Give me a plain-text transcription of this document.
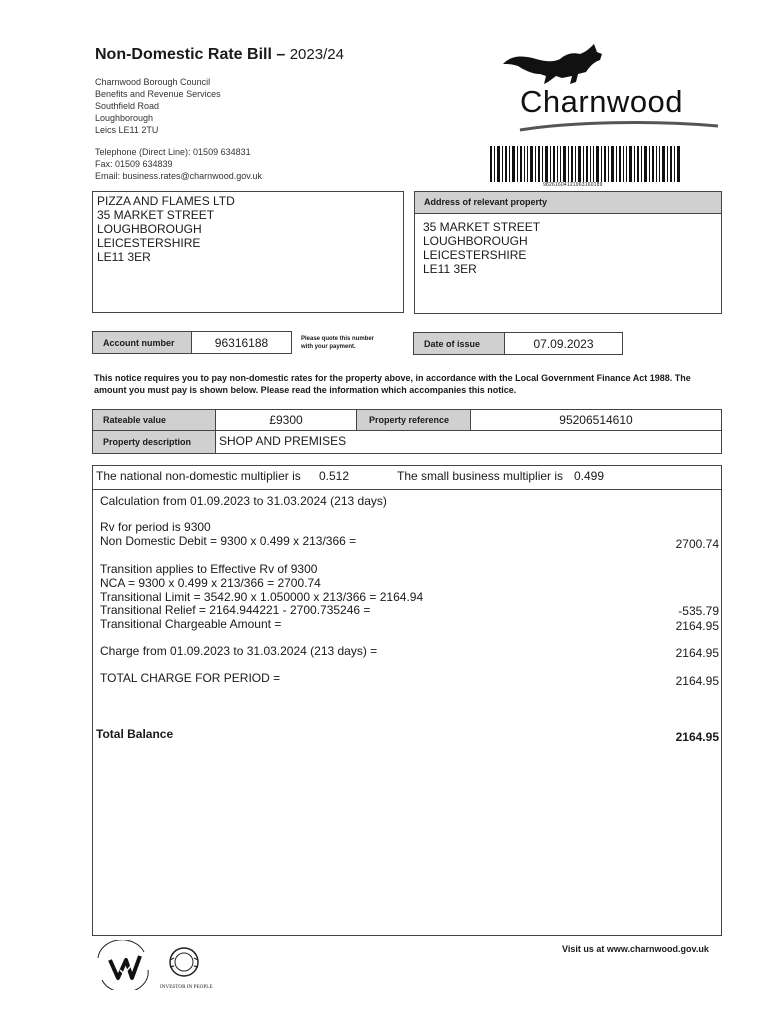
Non-Domestic Rate Bill – 2023/24
Charnwood Borough Council
Benefits and Revenue Services
Southfield Road
Loughborough
Leics LE11 2TU
Telephone (Direct Line): 01509 634831
Fax: 01509 634839
Email: business.rates@charnwood.gov.uk
Charnwood
98261604121963160189
PIZZA AND FLAMES LTD
35 MARKET STREET
LOUGHBOROUGH
LEICESTERSHIRE
LE11 3ER
Address of relevant property
35 MARKET STREET
LOUGHBOROUGH
LEICESTERSHIRE
LE11 3ER
Account number	96316188	Please quote this number
with your payment.	Date of issue	07.09.2023
This notice requires you to pay non-domestic rates for the property above, in accordance with the Local Government Finance Act 1988. The amount you must pay is shown below. Please read the information which accompanies this notice.
Rateable value	£9300	Property reference	95206514610
Property description	SHOP AND PREMISES
The national non-domestic multiplier is 0.512	The small business multiplier is 0.499
Calculation from 01.09.2023 to 31.03.2024 (213 days)
Rv for period is 9300
Non Domestic Debit = 9300 x 0.499 x 213/366 =	2700.74
Transition applies to Effective Rv of 9300
NCA = 9300 x 0.499 x 213/366 = 2700.74
Transitional Limit = 3542.90 x 1.050000 x 213/366 = 2164.94
Transitional Relief = 2164.944221 - 2700.735246 =	-535.79
Transitional Chargeable Amount =	2164.95
Charge from 01.09.2023 to 31.03.2024 (213 days) =	2164.95
TOTAL CHARGE FOR PERIOD =	2164.95
Total Balance	2164.95
Visit us at www.charnwood.gov.uk
INVESTOR IN PEOPLE
